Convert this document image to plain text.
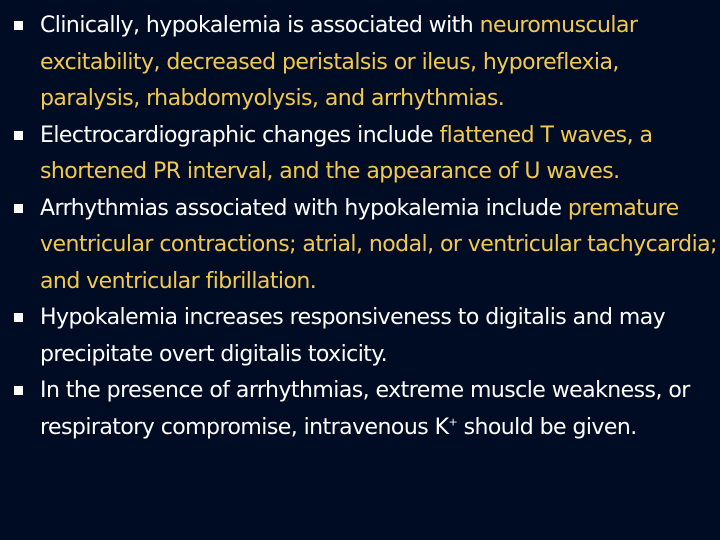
Clinically, hypokalemia is associated with neuromuscular excitability, decreased peristalsis or ileus, hyporeflexia, paralysis, rhabdomyolysis, and arrhythmias.
Electrocardiographic changes include flattened T waves, a shortened PR interval, and the appearance of U waves.
Arrhythmias associated with hypokalemia include premature ventricular contractions; atrial, nodal, or ventricular tachycardia; and ventricular fibrillation.
Hypokalemia increases responsiveness to digitalis and may precipitate overt digitalis toxicity.
In the presence of arrhythmias, extreme muscle weakness, or respiratory compromise, intravenous K+ should be given.
